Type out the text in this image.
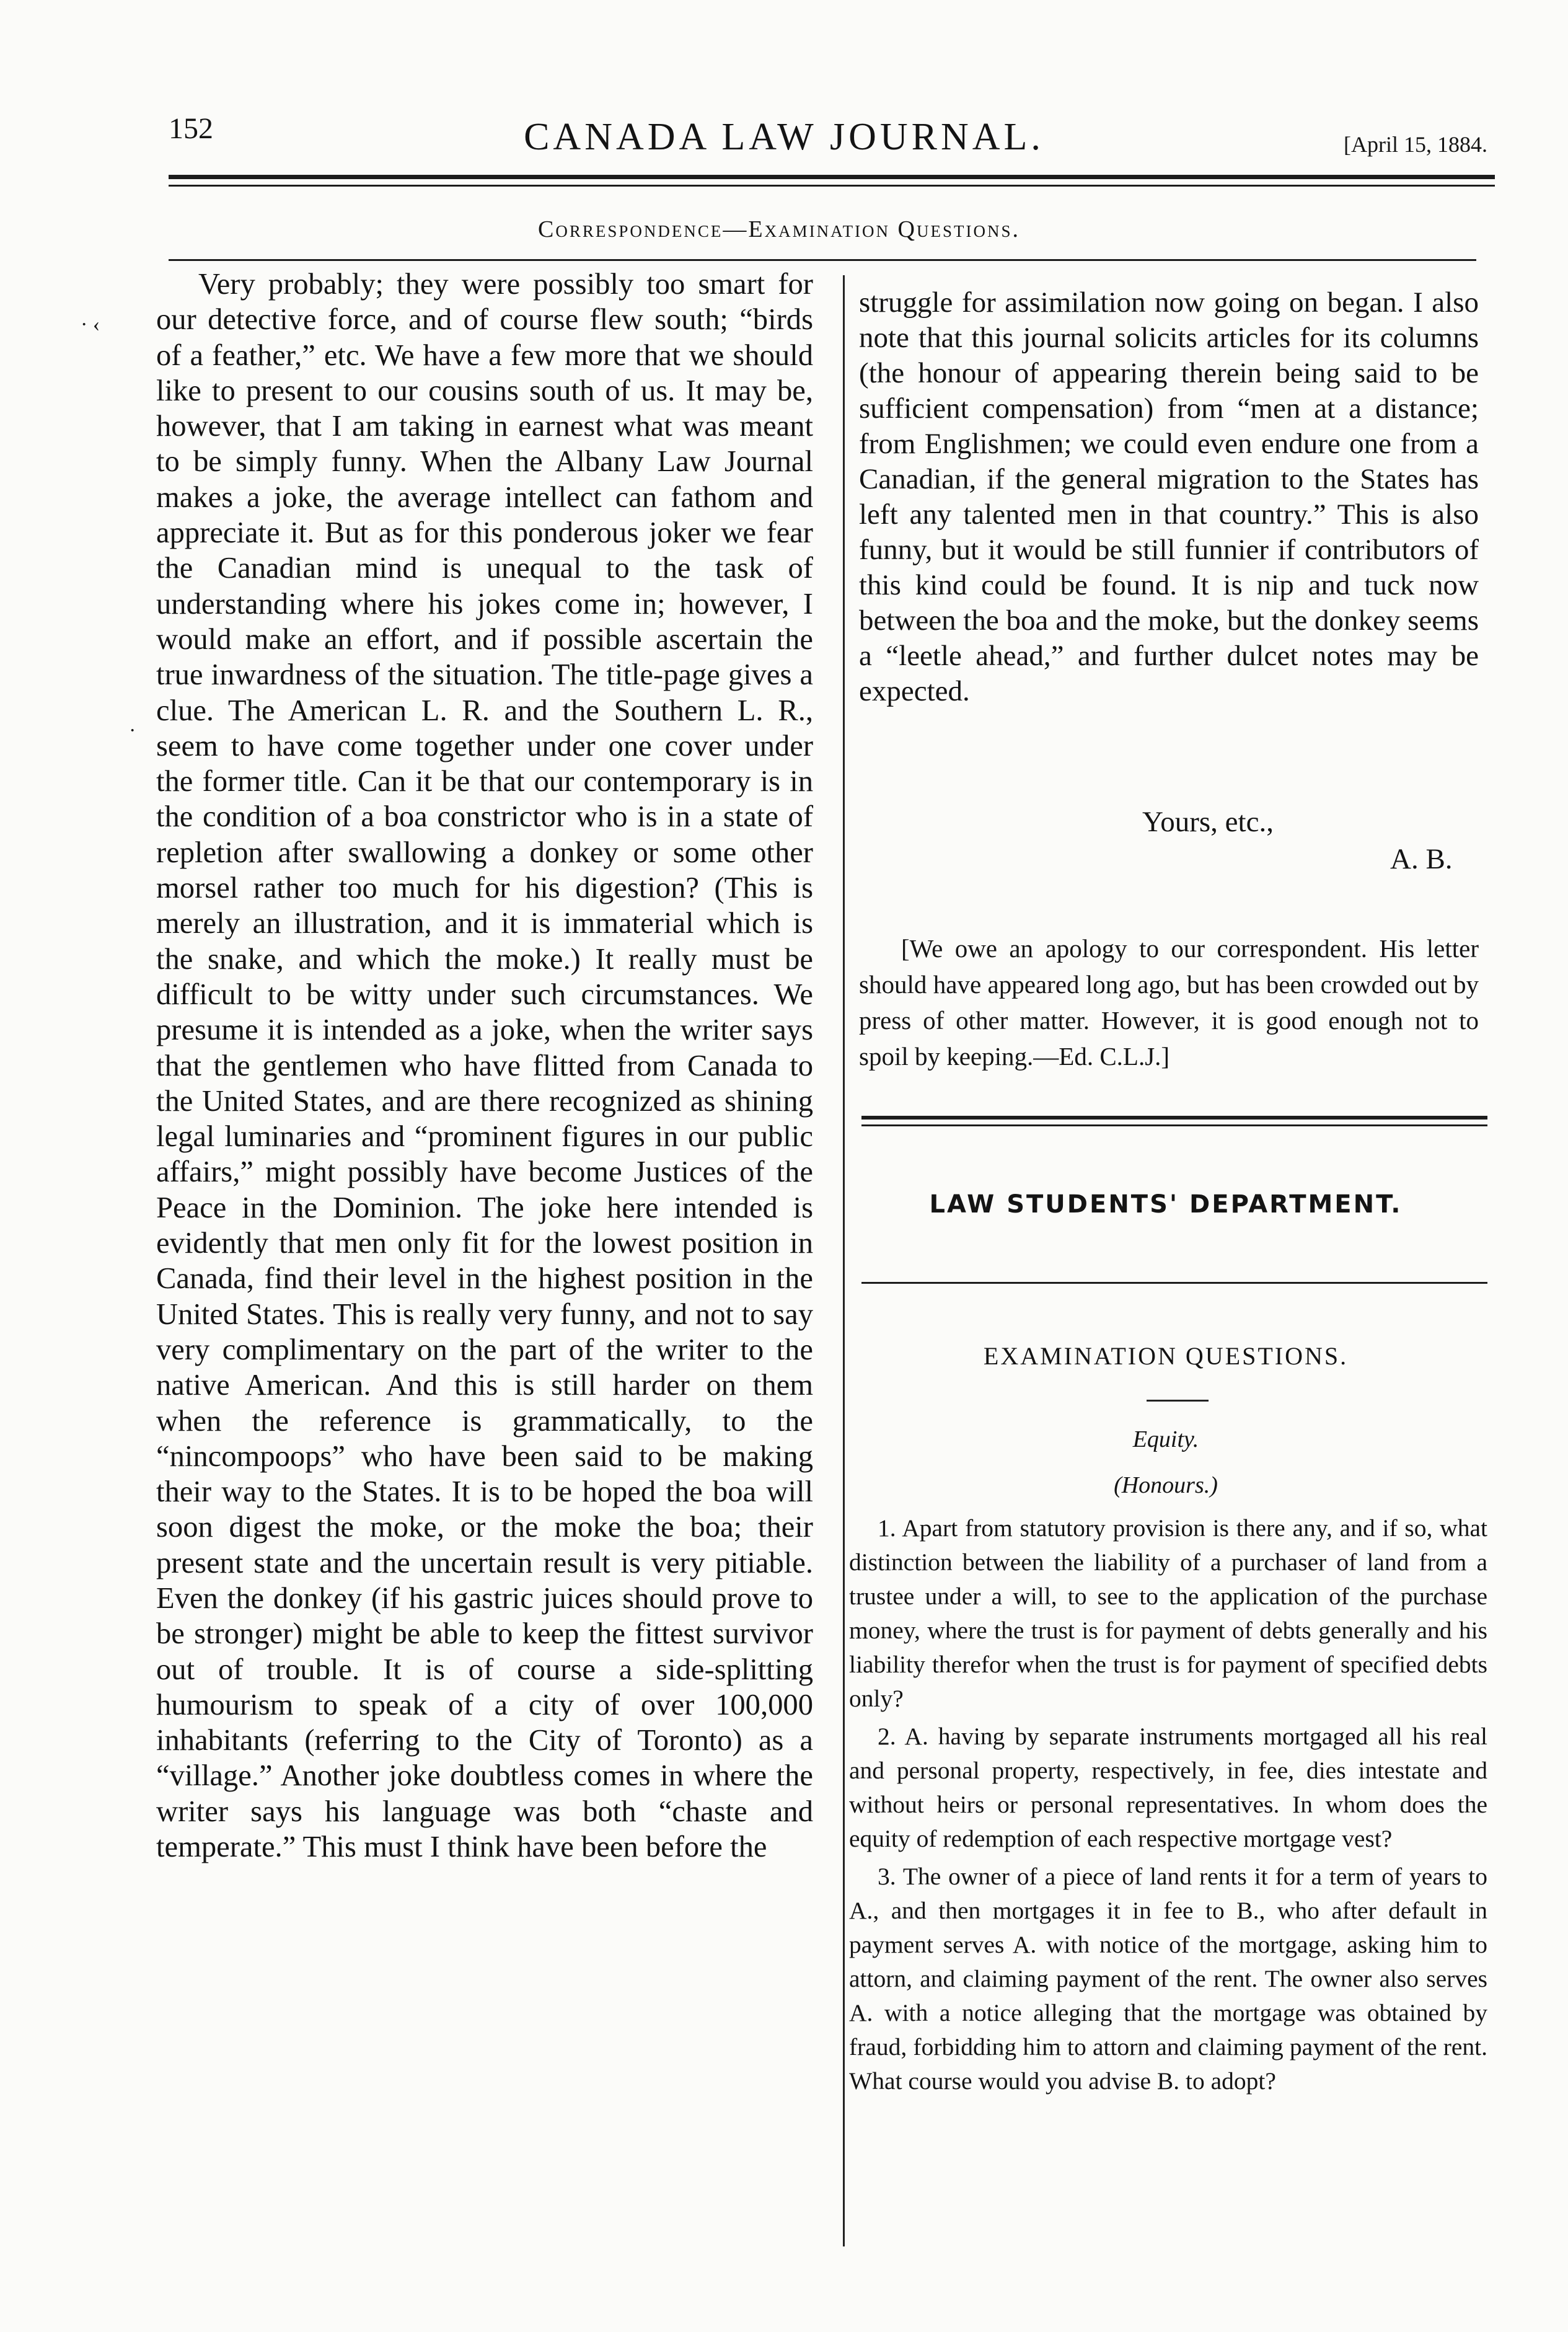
152	CANADA LAW JOURNAL.	[April 15, 1884.
Correspondence—Examination Questions.

Very probably; they were possibly too smart for our detective force, and of course flew south; “birds of a feather,” etc. We have a few more that we should like to present to our cousins south of us. It may be, however, that I am taking in earnest what was meant to be simply funny. When the Albany Law Journal makes a joke, the average intellect can fathom and appreciate it. But as for this ponderous joker we fear the Canadian mind is unequal to the task of understanding where his jokes come in; however, I would make an effort, and if possible ascertain the true inwardness of the situation. The title-page gives a clue. The American L. R. and the Southern L. R., seem to have come together under one cover under the former title. Can it be that our contemporary is in the condition of a boa constrictor who is in a state of repletion after swallowing a donkey or some other morsel rather too much for his digestion? (This is merely an illustration, and it is immaterial which is the snake, and which the moke.) It really must be difficult to be witty under such circumstances. We presume it is intended as a joke, when the writer says that the gentlemen who have flitted from Canada to the United States, and are there recognized as shining legal luminaries and “prominent figures in our public affairs,” might possibly have become Justices of the Peace in the Dominion. The joke here intended is evidently that men only fit for the lowest position in Canada, find their level in the highest position in the United States. This is really very funny, and not to say very complimentary on the part of the writer to the native American. And this is still harder on them when the reference is grammatically, to the “nincompoops” who have been said to be making their way to the States. It is to be hoped the boa will soon digest the moke, or the moke the boa; their present state and the uncertain result is very pitiable. Even the donkey (if his gastric juices should prove to be stronger) might be able to keep the fittest survivor out of trouble. It is of course a side-splitting humourism to speak of a city of over 100,000 inhabitants (referring to the City of Toronto) as a “village.” Another joke doubtless comes in where the writer says his language was both “chaste and temperate.” This must I think have been before the

struggle for assimilation now going on began. I also note that this journal solicits articles for its columns (the honour of appearing therein being said to be sufficient compensation) from “men at a distance; from Englishmen; we could even endure one from a Canadian, if the general migration to the States has left any talented men in that country.” This is also funny, but it would be still funnier if contributors of this kind could be found. It is nip and tuck now between the boa and the moke, but the donkey seems a “leetle ahead,” and further dulcet notes may be expected.

Yours, etc.,
A. B.

[We owe an apology to our correspondent. His letter should have appeared long ago, but has been crowded out by press of other matter. However, it is good enough not to spoil by keeping.—Ed. C.L.J.]

LAW STUDENTS' DEPARTMENT.
EXAMINATION QUESTIONS.
Equity.
(Honours.)

1. Apart from statutory provision is there any, and if so, what distinction between the liability of a purchaser of land from a trustee under a will, to see to the application of the purchase money, where the trust is for payment of debts generally and his liability therefor when the trust is for payment of specified debts only?

2. A. having by separate instruments mortgaged all his real and personal property, respectively, in fee, dies intestate and without heirs or personal representatives. In whom does the equity of redemption of each respective mortgage vest?

3. The owner of a piece of land rents it for a term of years to A., and then mortgages it in fee to B., who after default in payment serves A. with notice of the mortgage, asking him to attorn, and claiming payment of the rent. The owner also serves A. with a notice alleging that the mortgage was obtained by fraud, forbidding him to attorn and claiming payment of the rent. What course would you advise B. to adopt?

· ‹
·
